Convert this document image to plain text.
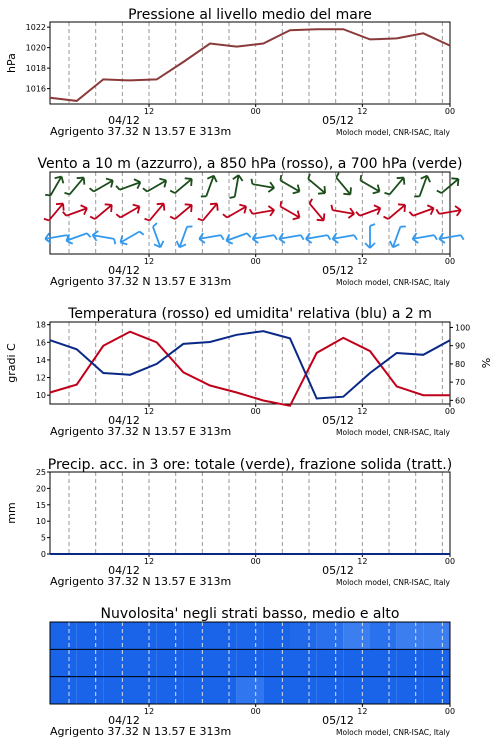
12	00	12	00
04/12	05/12
Agrigento 37.32 N 13.57 E 313m	Moloch model, CNR-ISAC, Italy
Pressione al livello medio del mare
12	00	12	00
04/12	05/12
Agrigento 37.32 N 13.57 E 313m	Moloch model, CNR-ISAC, Italy
Vento a 10 m (azzurro), a 850 hPa (rosso), a 700 hPa (verde)
12	00	12	00
04/12	05/12
Agrigento 37.32 N 13.57 E 313m	Moloch model, CNR-ISAC, Italy
Temperatura (rosso) ed umidita' relativa (blu) a 2 m
12	00	12	00
04/12	05/12
Agrigento 37.32 N 13.57 E 313m	Moloch model, CNR-ISAC, Italy
Precip. acc. in 3 ore: totale (verde), frazione solida (tratt.)
12	00	12	00
04/12	05/12
Agrigento 37.32 N 13.57 E 313m	Moloch model, CNR-ISAC, Italy
Nuvolosita' negli strati basso, medio e alto
1016
1018
1020
1022
hPa
10
12
14
16
18
gradi C
60
70
80
90
100
%
0
5
10
15
20
25
mm
